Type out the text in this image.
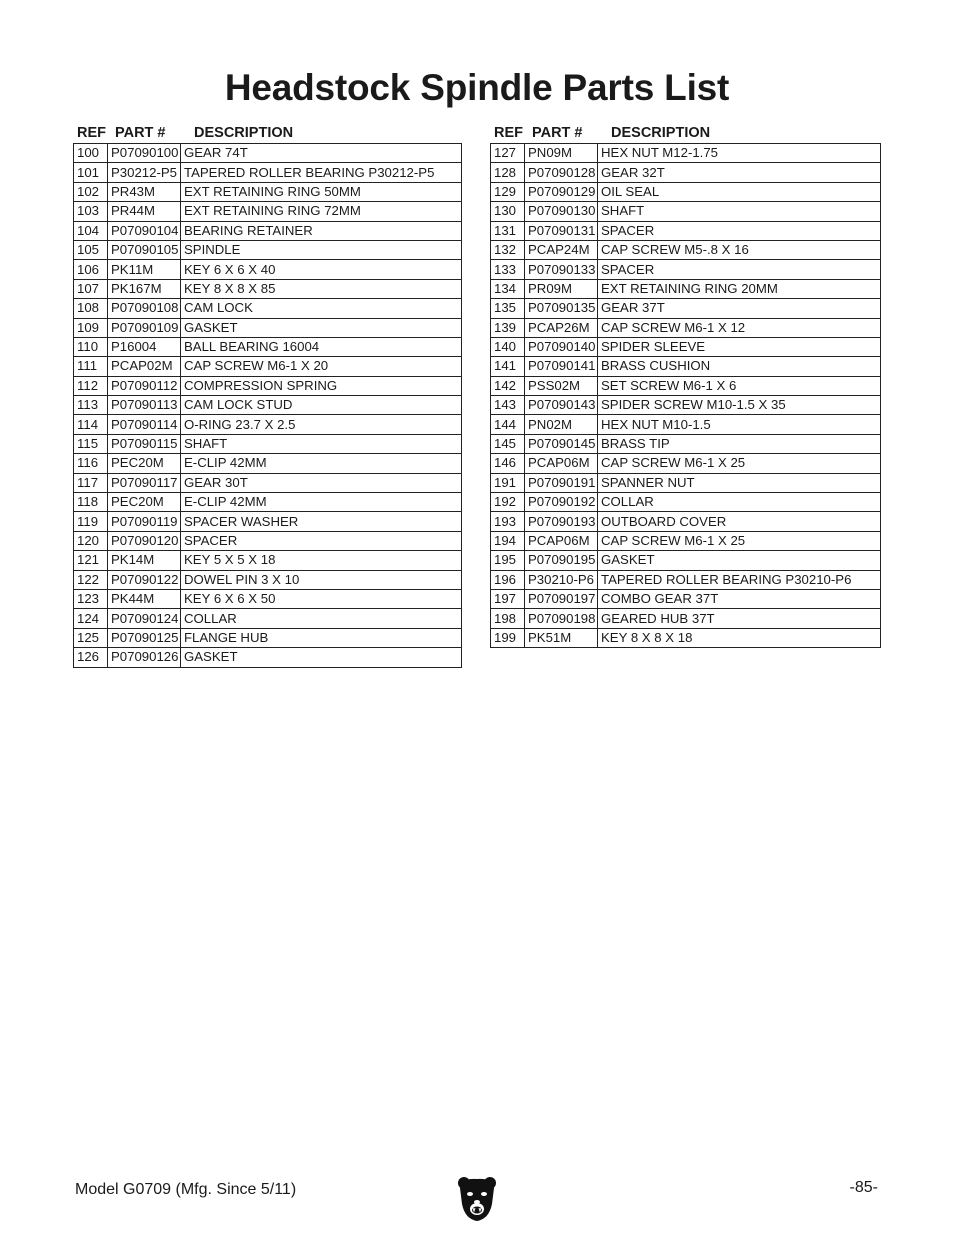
Headstock Spindle Parts List
REF PART #	DESCRIPTION
100	P07090100	GEAR 74T
101	P30212-P5	TAPERED ROLLER BEARING P30212-P5
102	PR43M	EXT RETAINING RING 50MM
103	PR44M	EXT RETAINING RING 72MM
104	P07090104	BEARING RETAINER
105	P07090105	SPINDLE
106	PK11M	KEY 6 X 6 X 40
107	PK167M	KEY 8 X 8 X 85
108	P07090108	CAM LOCK
109	P07090109	GASKET
110	P16004	BALL BEARING 16004
111	PCAP02M	CAP SCREW M6-1 X 20
112	P07090112	COMPRESSION SPRING
113	P07090113	CAM LOCK STUD
114	P07090114	O-RING 23.7 X 2.5
115	P07090115	SHAFT
116	PEC20M	E-CLIP 42MM
117	P07090117	GEAR 30T
118	PEC20M	E-CLIP 42MM
119	P07090119	SPACER WASHER
120	P07090120	SPACER
121	PK14M	KEY 5 X 5 X 18
122	P07090122	DOWEL PIN 3 X 10
123	PK44M	KEY 6 X 6 X 50
124	P07090124	COLLAR
125	P07090125	FLANGE HUB
126	P07090126	GASKET
REF PART #	DESCRIPTION
127	PN09M	HEX NUT M12-1.75
128	P07090128	GEAR 32T
129	P07090129	OIL SEAL
130	P07090130	SHAFT
131	P07090131	SPACER
132	PCAP24M	CAP SCREW M5-.8 X 16
133	P07090133	SPACER
134	PR09M	EXT RETAINING RING 20MM
135	P07090135	GEAR 37T
139	PCAP26M	CAP SCREW M6-1 X 12
140	P07090140	SPIDER SLEEVE
141	P07090141	BRASS CUSHION
142	PSS02M	SET SCREW M6-1 X 6
143	P07090143	SPIDER SCREW M10-1.5 X 35
144	PN02M	HEX NUT M10-1.5
145	P07090145	BRASS TIP
146	PCAP06M	CAP SCREW M6-1 X 25
191	P07090191	SPANNER NUT
192	P07090192	COLLAR
193	P07090193	OUTBOARD COVER
194	PCAP06M	CAP SCREW M6-1 X 25
195	P07090195	GASKET
196	P30210-P6	TAPERED ROLLER BEARING P30210-P6
197	P07090197	COMBO GEAR 37T
198	P07090198	GEARED HUB 37T
199	PK51M	KEY 8 X 8 X 18
Model G0709 (Mfg. Since 5/11)	-85-
